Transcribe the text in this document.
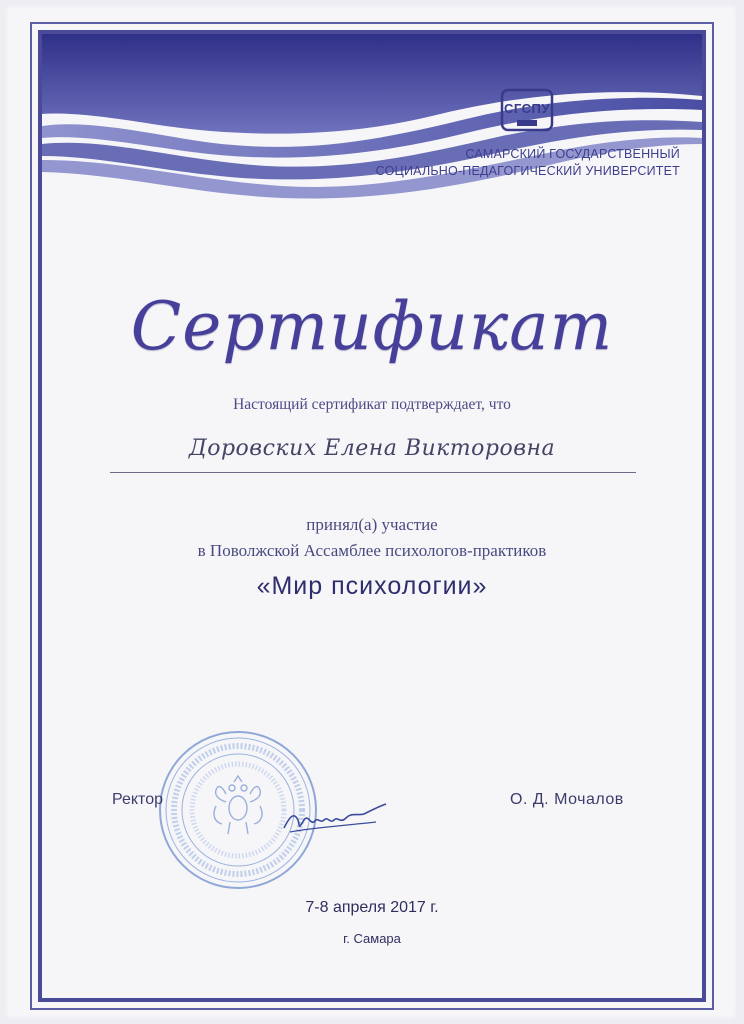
СГСПУ
САМАРСКИЙ ГОСУДАРСТВЕННЫЙ
СОЦИАЛЬНО-ПЕДАГОГИЧЕСКИЙ УНИВЕРСИТЕТ
Сертификат
Настоящий сертификат подтверждает, что
Доровских Елена Викторовна
принял(а) участие
в Поволжской Ассамблее психологов-практиков
«Мир психологии»
Ректор	О. Д. Мочалов
7-8 апреля 2017 г.
г. Самара
